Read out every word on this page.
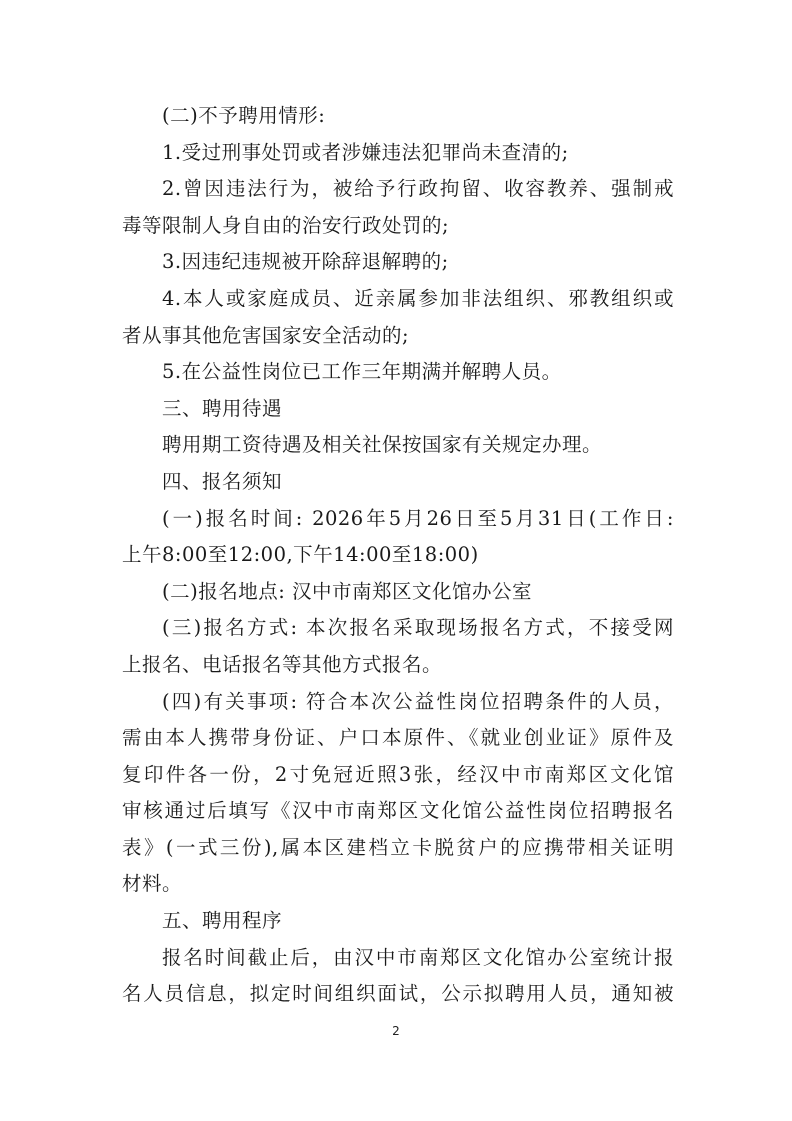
(二)不予聘用情形:
1.受过刑事处罚或者涉嫌违法犯罪尚未查清的;
2.曾因违法行为，被给予行政拘留、收容教养、强制戒
毒等限制人身自由的治安行政处罚的;
3.因违纪违规被开除辞退解聘的;
4.本人或家庭成员、近亲属参加非法组织、邪教组织或
者从事其他危害国家安全活动的;
5.在公益性岗位已工作三年期满并解聘人员。
三、聘用待遇
聘用期工资待遇及相关社保按国家有关规定办理。
四、报名须知
(一)报名时间: 2026年5月26日至5月31日(工作日:
上午8:00至12:00,下午14:00至18:00)
(二)报名地点: 汉中市南郑区文化馆办公室
(三)报名方式: 本次报名采取现场报名方式，不接受网
上报名、电话报名等其他方式报名。
(四)有关事项: 符合本次公益性岗位招聘条件的人员，
需由本人携带身份证、户口本原件、《就业创业证》原件及
复印件各一份，2寸免冠近照3张，经汉中市南郑区文化馆
审核通过后填写《汉中市南郑区文化馆公益性岗位招聘报名
表》(一式三份),属本区建档立卡脱贫户的应携带相关证明
材料。
五、聘用程序
报名时间截止后，由汉中市南郑区文化馆办公室统计报
名人员信息，拟定时间组织面试，公示拟聘用人员，通知被
2
